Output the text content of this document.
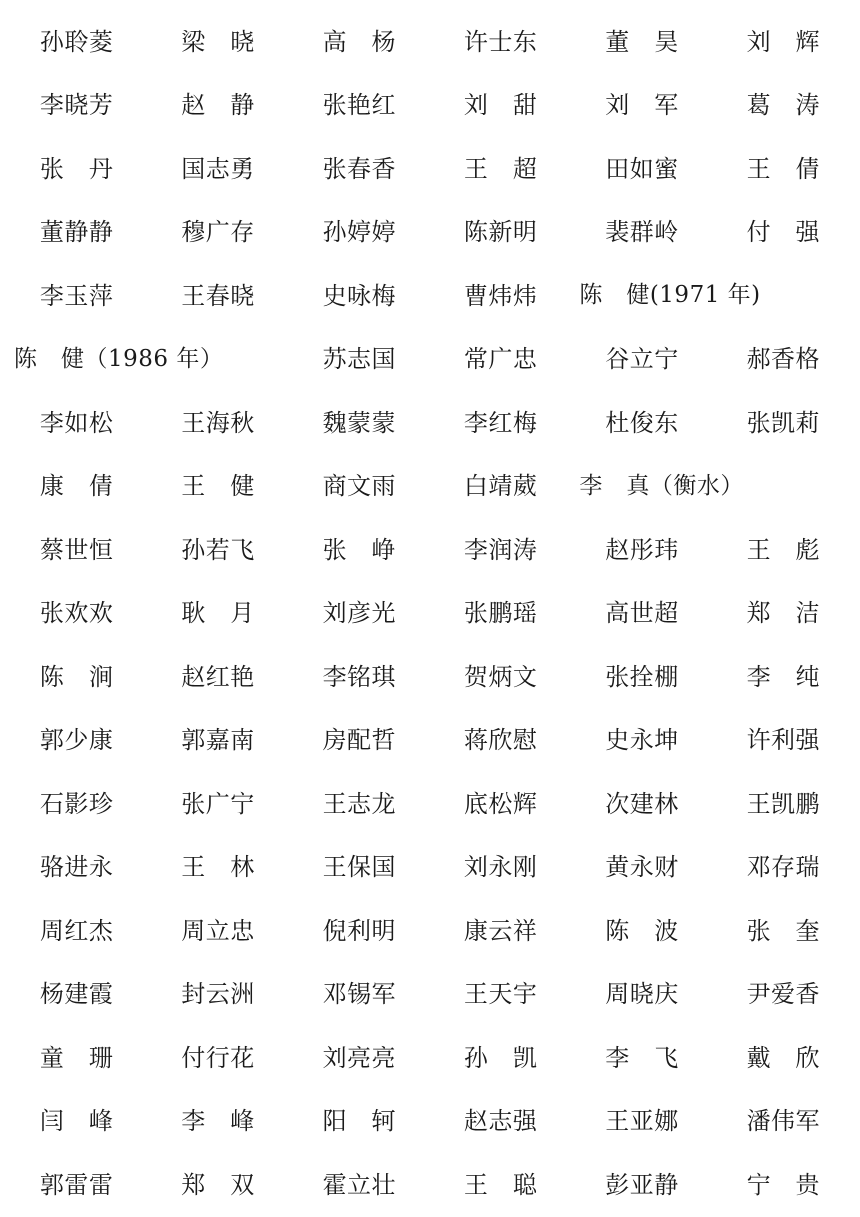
孙聆菱	梁　晓	高　杨	许士东	董　昊	刘　辉
李晓芳	赵　静	张艳红	刘　甜	刘　军	葛　涛
张　丹	国志勇	张春香	王　超	田如蜜	王　倩
董静静	穆广存	孙婷婷	陈新明	裴群岭	付　强
李玉萍	王春晓	史咏梅	曹炜炜 陈　健(1971 年)
陈　健（1986 年）	苏志国	常广忠	谷立宁	郝香格
李如松	王海秋	魏蒙蒙	李红梅	杜俊东	张凯莉
康　倩	王　健	商文雨	白靖葳 李　真（衡水）
蔡世恒	孙若飞	张　峥	李润涛	赵彤玮	王　彪
张欢欢	耿　月	刘彦光	张鹏瑶	高世超	郑　洁
陈　涧	赵红艳	李铭琪	贺炳文	张拴棚	李　纯
郭少康	郭嘉南	房配哲	蒋欣慰	史永坤	许利强
石影珍	张广宁	王志龙	底松辉	次建林	王凯鹏
骆进永	王　林	王保国	刘永刚	黄永财	邓存瑞
周红杰	周立忠	倪利明	康云祥	陈　波	张　奎
杨建霞	封云洲	邓锡军	王天宇	周晓庆	尹爱香
童　珊	付行花	刘亮亮	孙　凯	李　飞	戴　欣
闫　峰	李　峰	阳　轲	赵志强	王亚娜	潘伟军
郭雷雷	郑　双	霍立壮	王　聪	彭亚静	宁　贵
